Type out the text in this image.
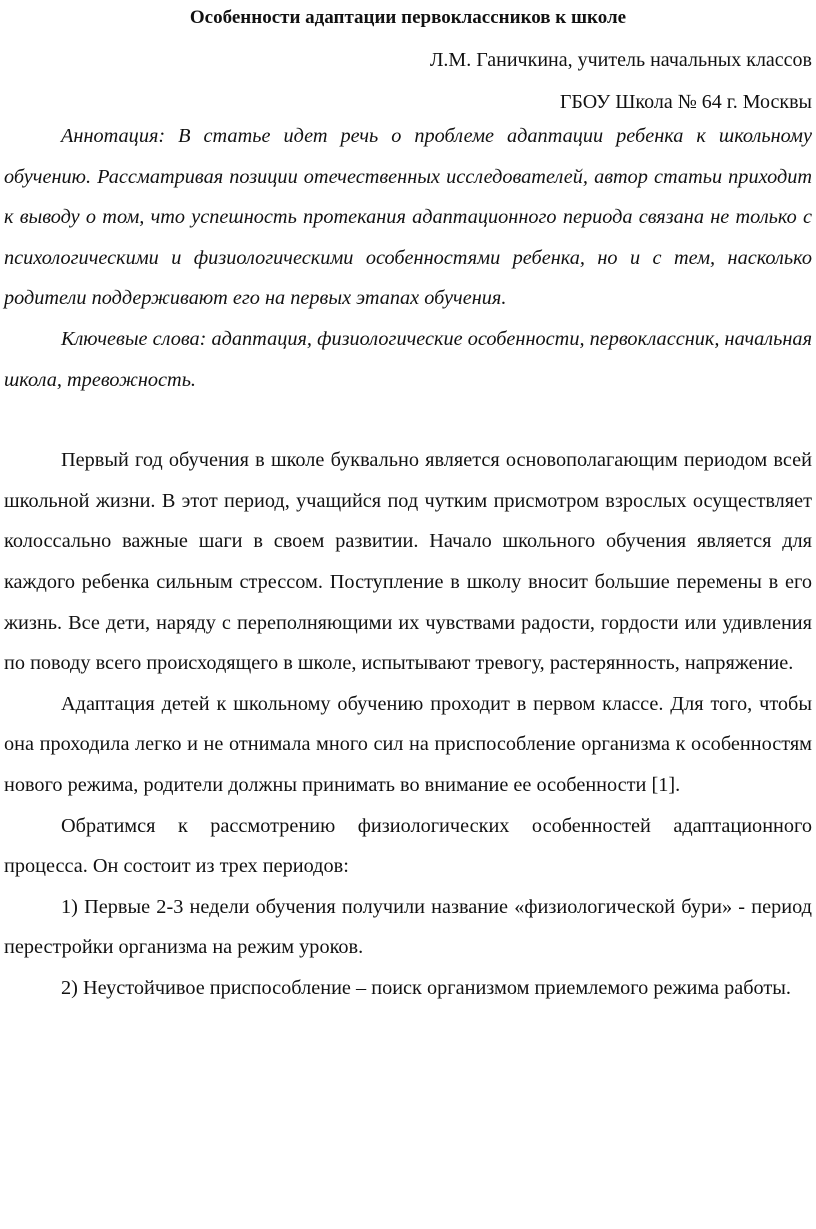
Особенности адаптации первоклассников к школе

Л.М. Ганичкина, учитель начальных классов

ГБОУ Школа № 64 г. Москвы

Аннотация: В статье идет речь о проблеме адаптации ребенка к школьному обучению. Рассматривая позиции отечественных исследователей, автор статьи приходит к выводу о том, что успешность протекания адаптационного периода связана не только с психологическими и физиологическими особенностями ребенка, но и с тем, насколько родители поддерживают его на первых этапах обучения.

Ключевые слова: адаптация, физиологические особенности, первоклассник, начальная школа, тревожность.

Первый год обучения в школе буквально является основополагающим периодом всей школьной жизни. В этот период, учащийся под чутким присмотром взрослых осуществляет колоссально важные шаги в своем развитии. Начало школьного обучения является для каждого ребенка сильным стрессом. Поступление в школу вносит большие перемены в его жизнь. Все дети, наряду с переполняющими их чувствами радости, гордости или удивления по поводу всего происходящего в школе, испытывают тревогу, растерянность, напряжение.

Адаптация детей к школьному обучению проходит в первом классе. Для того, чтобы она проходила легко и не отнимала много сил на приспособление организма к особенностям нового режима, родители должны принимать во внимание ее особенности [1].

Обратимся к рассмотрению физиологических особенностей адаптационного процесса. Он состоит из трех периодов:

1) Первые 2-3 недели обучения получили название «физиологической бури» - период перестройки организма на режим уроков.

2) Неустойчивое приспособление – поиск организмом приемлемого режима работы.
